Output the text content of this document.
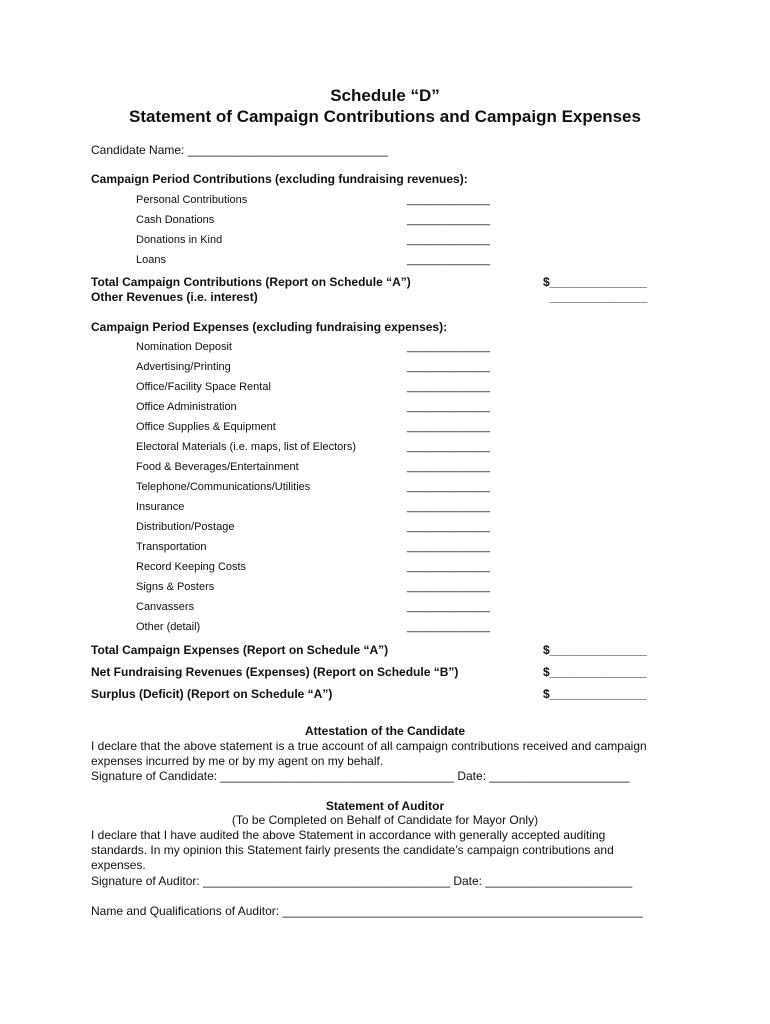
Schedule “D”
Statement of Campaign Contributions and Campaign Expenses
Candidate Name: ______________________________
Campaign Period Contributions (excluding fundraising revenues):
Personal Contributions	______________
Cash Donations	______________
Donations in Kind	______________
Loans	______________
Total Campaign Contributions (Report on Schedule “A”)	$_______________
Other Revenues (i.e. interest)	_______________
Campaign Period Expenses (excluding fundraising expenses):
Nomination Deposit	______________
Advertising/Printing	______________
Office/Facility Space Rental	______________
Office Administration	______________
Office Supplies & Equipment	______________
Electoral Materials (i.e. maps, list of Electors)	______________
Food & Beverages/Entertainment	______________
Telephone/Communications/Utilities	______________
Insurance	______________
Distribution/Postage	______________
Transportation	______________
Record Keeping Costs	______________
Signs & Posters	______________
Canvassers	______________
Other (detail)	______________
Total Campaign Expenses (Report on Schedule “A”)	$_______________
Net Fundraising Revenues (Expenses) (Report on Schedule “B”)	$_______________
Surplus (Deficit) (Report on Schedule “A”)	$_______________
Attestation of the Candidate
I declare that the above statement is a true account of all campaign contributions received and campaign expenses incurred by me or by my agent on my behalf.
Signature of Candidate: ___________________________________ Date: _____________________
Statement of Auditor
(To be Completed on Behalf of Candidate for Mayor Only)
I declare that I have audited the above Statement in accordance with generally accepted auditing standards. In my opinion this Statement fairly presents the candidate’s campaign contributions and expenses.
Signature of Auditor: _____________________________________ Date: ______________________
Name and Qualifications of Auditor: ______________________________________________________
